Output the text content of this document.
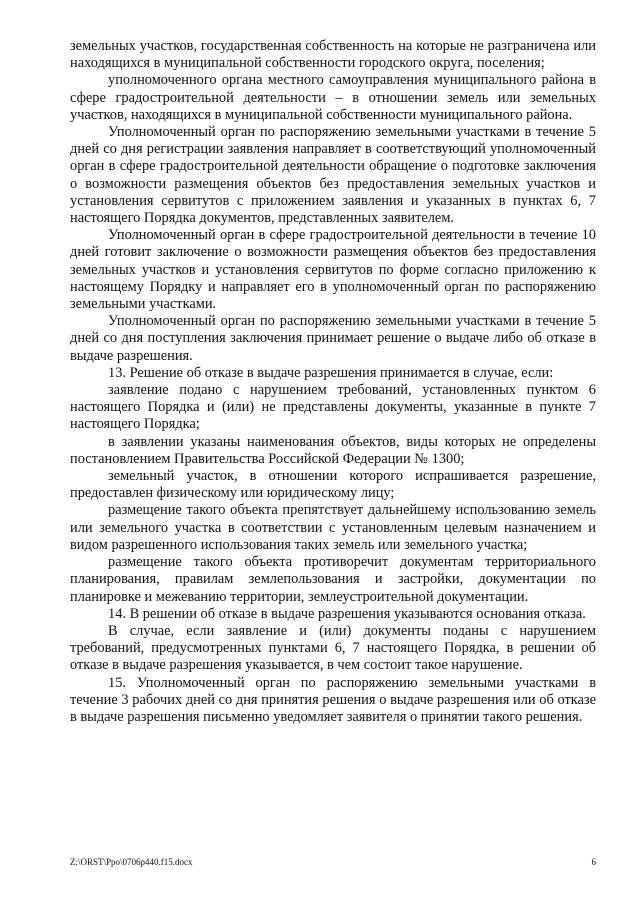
земельных участков, государственная собственность на которые не разграничена или находящихся в муниципальной собственности городского округа, поселения;

уполномоченного органа местного самоуправления муниципального района в сфере градостроительной деятельности – в отношении земель или земельных участков, находящихся в муниципальной собственности муниципального района.

Уполномоченный орган по распоряжению земельными участками в течение 5 дней со дня регистрации заявления направляет в соответствующий уполномоченный орган в сфере градостроительной деятельности обращение о подготовке заключения о возможности размещения объектов без предоставления земельных участков и установления сервитутов с приложением заявления и указанных в пунктах 6, 7 настоящего Порядка документов, представленных заявителем.

Уполномоченный орган в сфере градостроительной деятельности в течение 10 дней готовит заключение о возможности размещения объектов без предоставления земельных участков и установления сервитутов по форме согласно приложению к настоящему Порядку и направляет его в уполномоченный орган по распоряжению земельными участками.

Уполномоченный орган по распоряжению земельными участками в течение 5 дней со дня поступления заключения принимает решение о выдаче либо об отказе в выдаче разрешения.

13. Решение об отказе в выдаче разрешения принимается в случае, если:

заявление подано с нарушением требований, установленных пунктом 6 настоящего Порядка и (или) не представлены документы, указанные в пункте 7 настоящего Порядка;

в заявлении указаны наименования объектов, виды которых не определены постановлением Правительства Российской Федерации № 1300;

земельный участок, в отношении которого испрашивается разрешение, предоставлен физическому или юридическому лицу;

размещение такого объекта препятствует дальнейшему использованию земель или земельного участка в соответствии с установленным целевым назначением и видом разрешенного использования таких земель или земельного участка;

размещение такого объекта противоречит документам территориального планирования, правилам землепользования и застройки, документации по планировке и межеванию территории, землеустроительной документации.

14. В решении об отказе в выдаче разрешения указываются основания отказа.

В случае, если заявление и (или) документы поданы с нарушением требований, предусмотренных пунктами 6, 7 настоящего Порядка, в решении об отказе в выдаче разрешения указывается, в чем состоит такое нарушение.

15. Уполномоченный орган по распоряжению земельными участками в течение 3 рабочих дней со дня принятия решения о выдаче разрешения или об отказе в выдаче разрешения письменно уведомляет заявителя о принятии такого решения.

Z:\ORST\Ppo\0706p440.f15.docx	6
